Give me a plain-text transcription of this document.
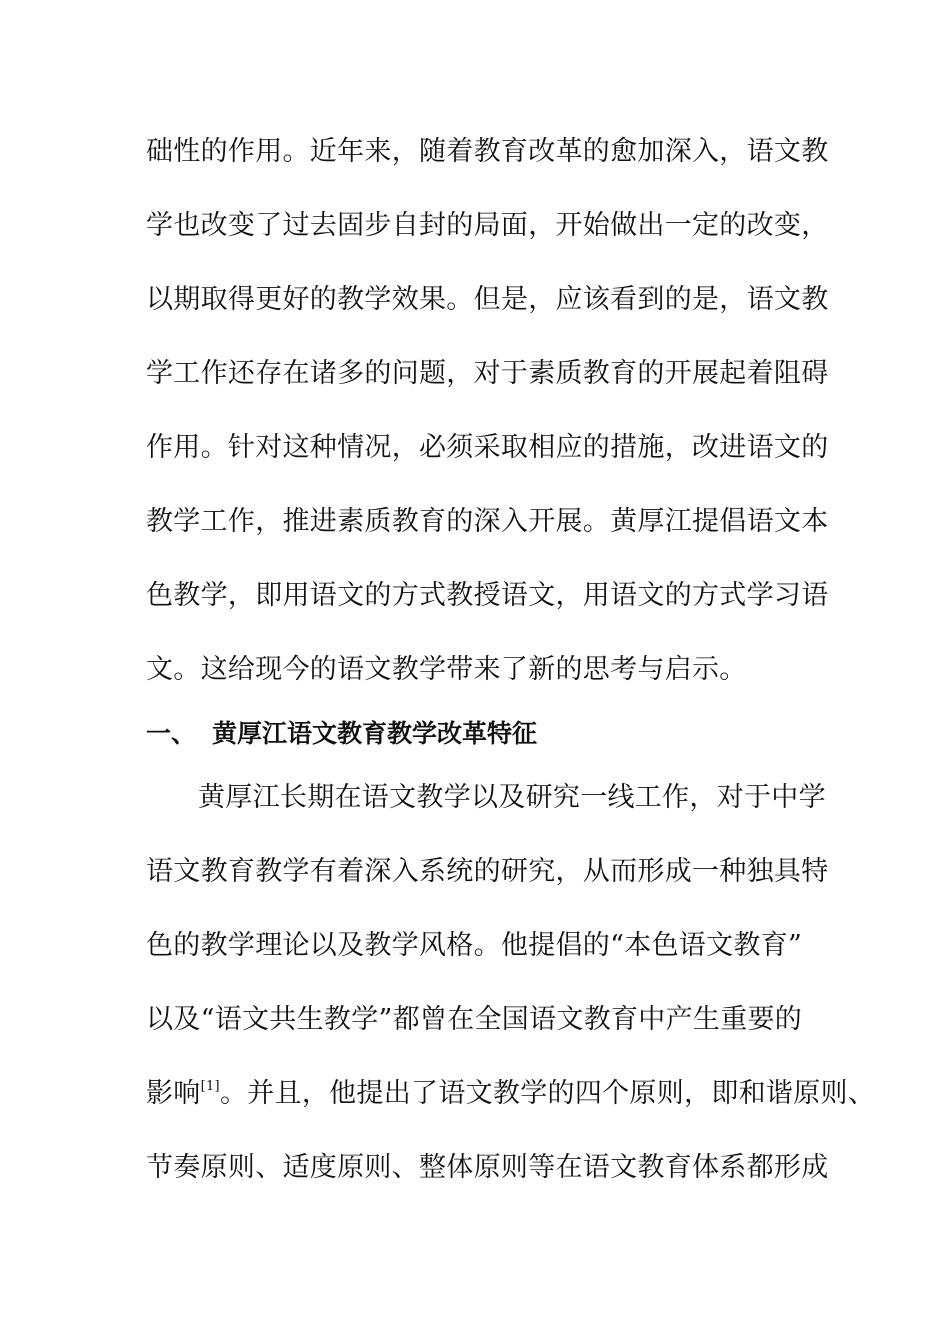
础性的作用。近年来，随着教育改革的愈加深入，语文教
学也改变了过去固步自封的局面，开始做出一定的改变，
以期取得更好的教学效果。但是，应该看到的是，语文教
学工作还存在诸多的问题，对于素质教育的开展起着阻碍
作用。针对这种情况，必须采取相应的措施，改进语文的
教学工作，推进素质教育的深入开展。黄厚江提倡语文本
色教学，即用语文的方式教授语文，用语文的方式学习语
文。这给现今的语文教学带来了新的思考与启示。
一、 黄厚江语文教育教学改革特征
黄厚江长期在语文教学以及研究一线工作，对于中学
语文教育教学有着深入系统的研究，从而形成一种独具特
色的教学理论以及教学风格。他提倡的“本色语文教育”
以及“语文共生教学”都曾在全国语文教育中产生重要的
影响[1]。并且，他提出了语文教学的四个原则，即和谐原则、
节奏原则、适度原则、整体原则等在语文教育体系都形成
